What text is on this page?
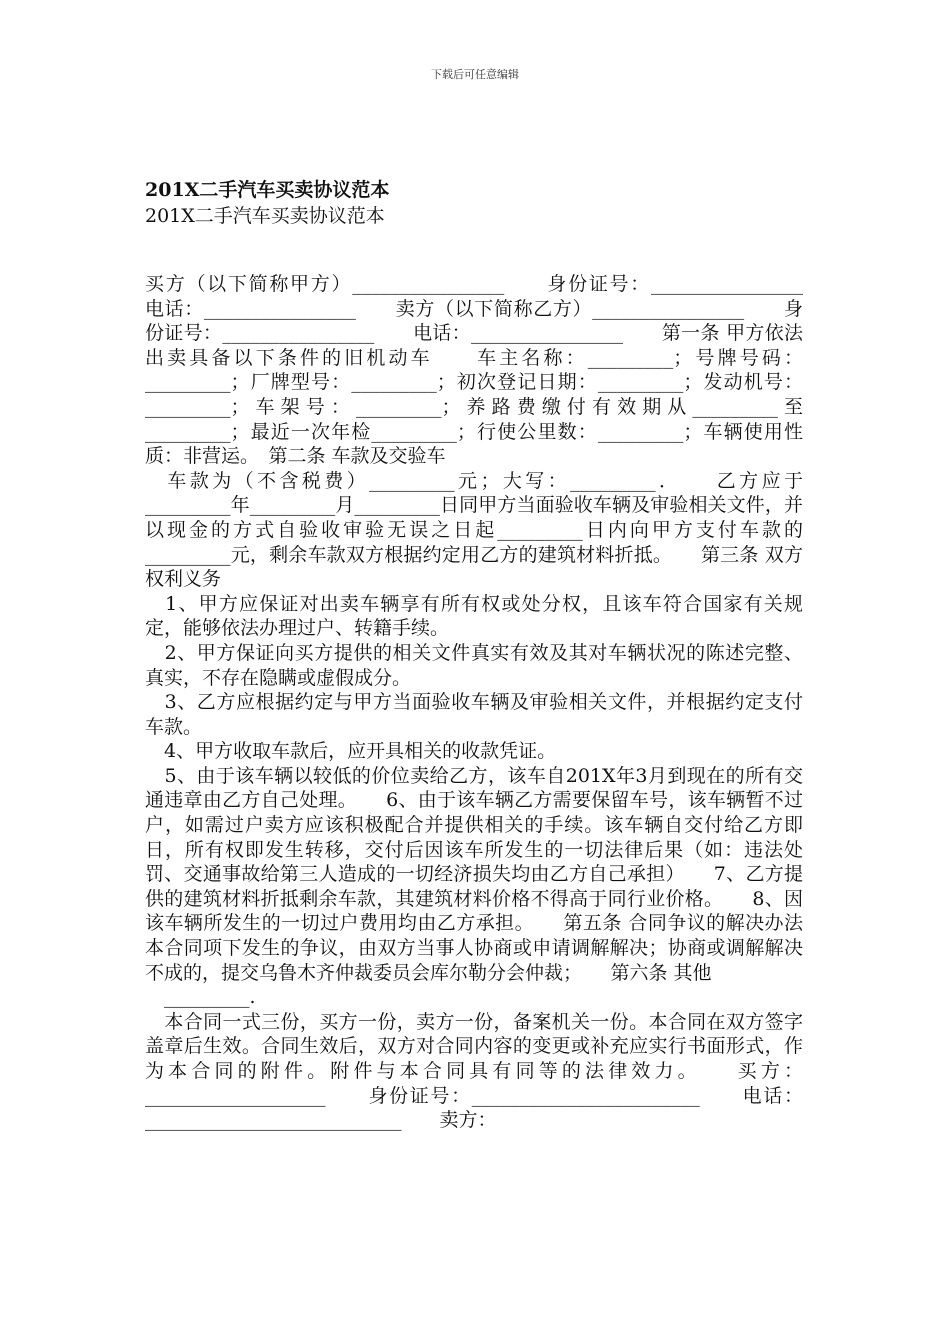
下载后可任意编辑
201X二手汽车买卖协议范本
201X二手汽车买卖协议范本

买方（以下简称甲方）________________　　身份证号：________________　　电话：________________　　卖方（以下简称乙方）________________　　身份证号：________________　　电话：________________　　第一条 甲方依法出卖具备以下条件的旧机动车　　车主名称：_________；号牌号码：_________；厂牌型号：_________；初次登记日期：_________；发动机号：_________；车架号：_________；养路费缴付有效期从_________至_________；最近一次年检_________；行使公里数：_________；车辆使用性质：非营运。　第二条 车款及交验车

　车款为（不含税费）_________元；大写：_________．　　乙方应于_________年_________月_________日同甲方当面验收车辆及审验相关文件，并以现金的方式自验收审验无误之日起_________日内向甲方支付车款的_________元，剩余车款双方根据约定用乙方的建筑材料折抵。　　第三条 双方权利义务

　1、甲方应保证对出卖车辆享有所有权或处分权，且该车符合国家有关规定，能够依法办理过户、转籍手续。

　2、甲方保证向买方提供的相关文件真实有效及其对车辆状况的陈述完整、真实，不存在隐瞒或虚假成分。

　3、乙方应根据约定与甲方当面验收车辆及审验相关文件，并根据约定支付车款。

　4、甲方收取车款后，应开具相关的收款凭证。

　5、由于该车辆以较低的价位卖给乙方，该车自201X年3月到现在的所有交通违章由乙方自己处理。　　6、由于该车辆乙方需要保留车号，该车辆暂不过户，如需过户卖方应该积极配合并提供相关的手续。该车辆自交付给乙方即日，所有权即发生转移，交付后因该车所发生的一切法律后果（如：违法处罚、交通事故给第三人造成的一切经济损失均由乙方自己承担）　　7、乙方提供的建筑材料折抵剩余车款，其建筑材料价格不得高于同行业价格。　　8、因该车辆所发生的一切过户费用均由乙方承担。　　第五条 合同争议的解决办法　　本合同项下发生的争议，由双方当事人协商或申请调解解决；协商或调解解决不成的，提交乌鲁木齐仲裁委员会库尔勒分会仲裁；　　第六条 其他

　_________.

　本合同一式三份，买方一份，卖方一份，备案机关一份。本合同在双方签字盖章后生效。合同生效后，双方对合同内容的变更或补充应实行书面形式，作为本合同的附件。附件与本合同具有同等的法律效力。　　买方：___________________　　身份证号：________________________　　电话：___________________________　　卖方：
